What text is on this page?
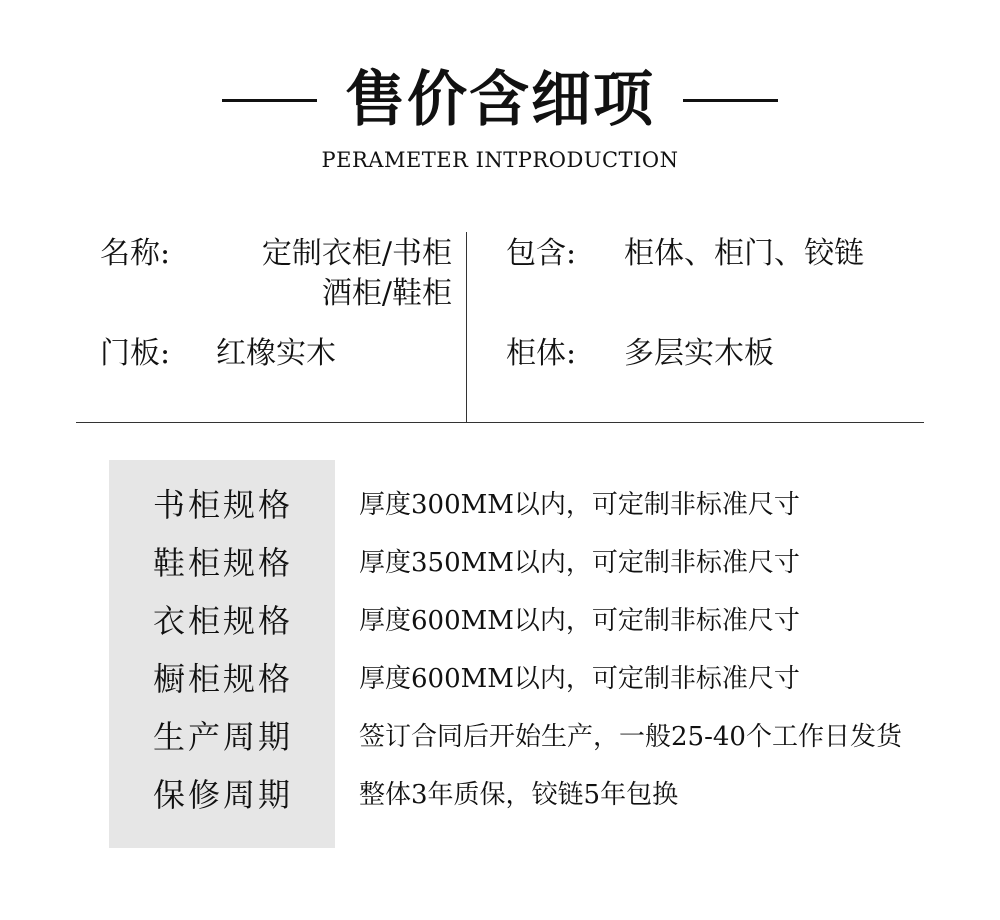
售价含细项
PERAMETER INTPRODUCTION
名称:	定制衣柜/书柜
酒柜/鞋柜
门板: 红橡实木
包含: 柜体、柜门、铰链
柜体: 多层实木板
书柜规格	厚度300MM以内，可定制非标准尺寸
鞋柜规格	厚度350MM以内，可定制非标准尺寸
衣柜规格	厚度600MM以内，可定制非标准尺寸
橱柜规格	厚度600MM以内，可定制非标准尺寸
生产周期	签订合同后开始生产，一般25-40个工作日发货
保修周期	整体3年质保，铰链5年包换
